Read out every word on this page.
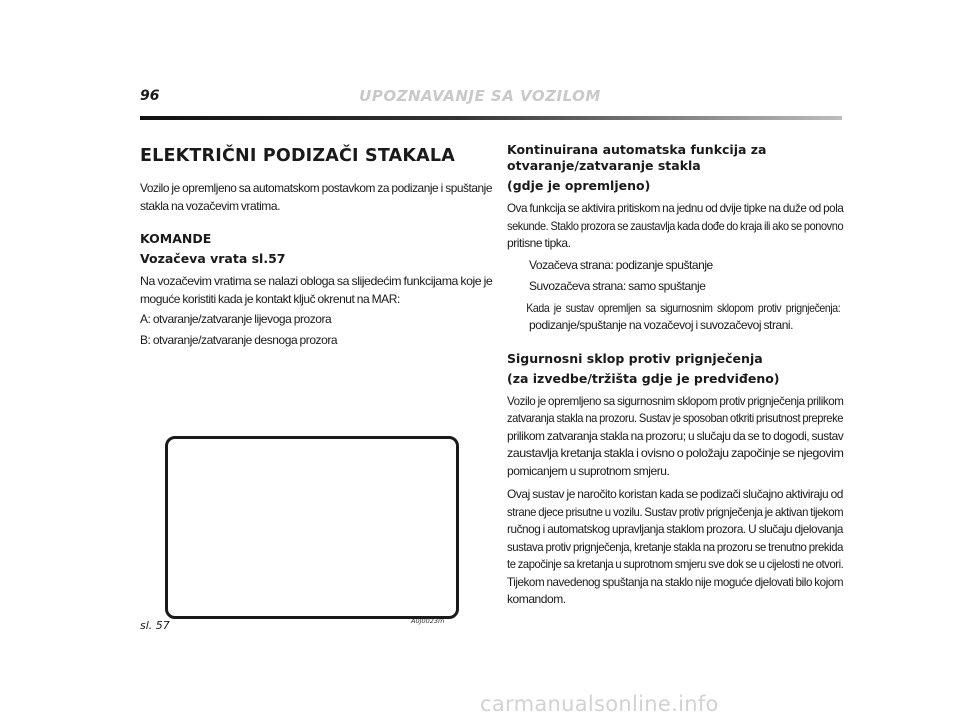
96	UPOZNAVANJE SA VOZILOM
ELEKTRIČNI PODIZAČI STAKALA
Vozilo je opremljeno sa automatskom postavkom za podizanje i spuštanje
stakla na vozačevim vratima.
KOMANDE
Vozačeva vrata sl.57
Na vozačevim vratima se nalazi obloga sa slijedećim funkcijama koje je
moguće koristiti kada je kontakt ključ okrenut na MAR:
A: otvaranje/zatvaranje lijevoga prozora
B: otvaranje/zatvaranje desnoga prozora
A0J0023m
sl. 57
Kontinuirana automatska funkcija za
otvaranje/zatvaranje stakla
(gdje je opremljeno)
Ova funkcija se aktivira pritiskom na jednu od dvije tipke na duže od pola
sekunde. Staklo prozora se zaustavlja kada dođe do kraja ili ako se ponovno
pritisne tipka.
Vozačeva strana: podizanje spuštanje
Suvozačeva strana: samo spuštanje
Kada je sustav opremljen sa sigurnosnim sklopom protiv prignječenja:
podizanje/spuštanje na vozačevoj i suvozačevoj strani.
Sigurnosni sklop protiv prignječenja
(za izvedbe/tržišta gdje je predviđeno)
Vozilo je opremljeno sa sigurnosnim sklopom protiv prignječenja prilikom
zatvaranja stakla na prozoru. Sustav je sposoban otkriti prisutnost prepreke
prilikom zatvaranja stakla na prozoru; u slučaju da se to dogodi, sustav
zaustavlja kretanja stakla i ovisno o položaju započinje se njegovim
pomicanjem u suprotnom smjeru.
Ovaj sustav je naročito koristan kada se podizači slučajno aktiviraju od
strane djece prisutne u vozilu. Sustav protiv prignječenja je aktivan tijekom
ručnog i automatskog upravljanja staklom prozora. U slučaju djelovanja
sustava protiv prignječenja, kretanje stakla na prozoru se trenutno prekida
te započinje sa kretanja u suprotnom smjeru sve dok se u cijelosti ne otvori.
Tijekom navedenog spuštanja na staklo nije moguće djelovati bilo kojom
komandom.
carmanualsonline.info
